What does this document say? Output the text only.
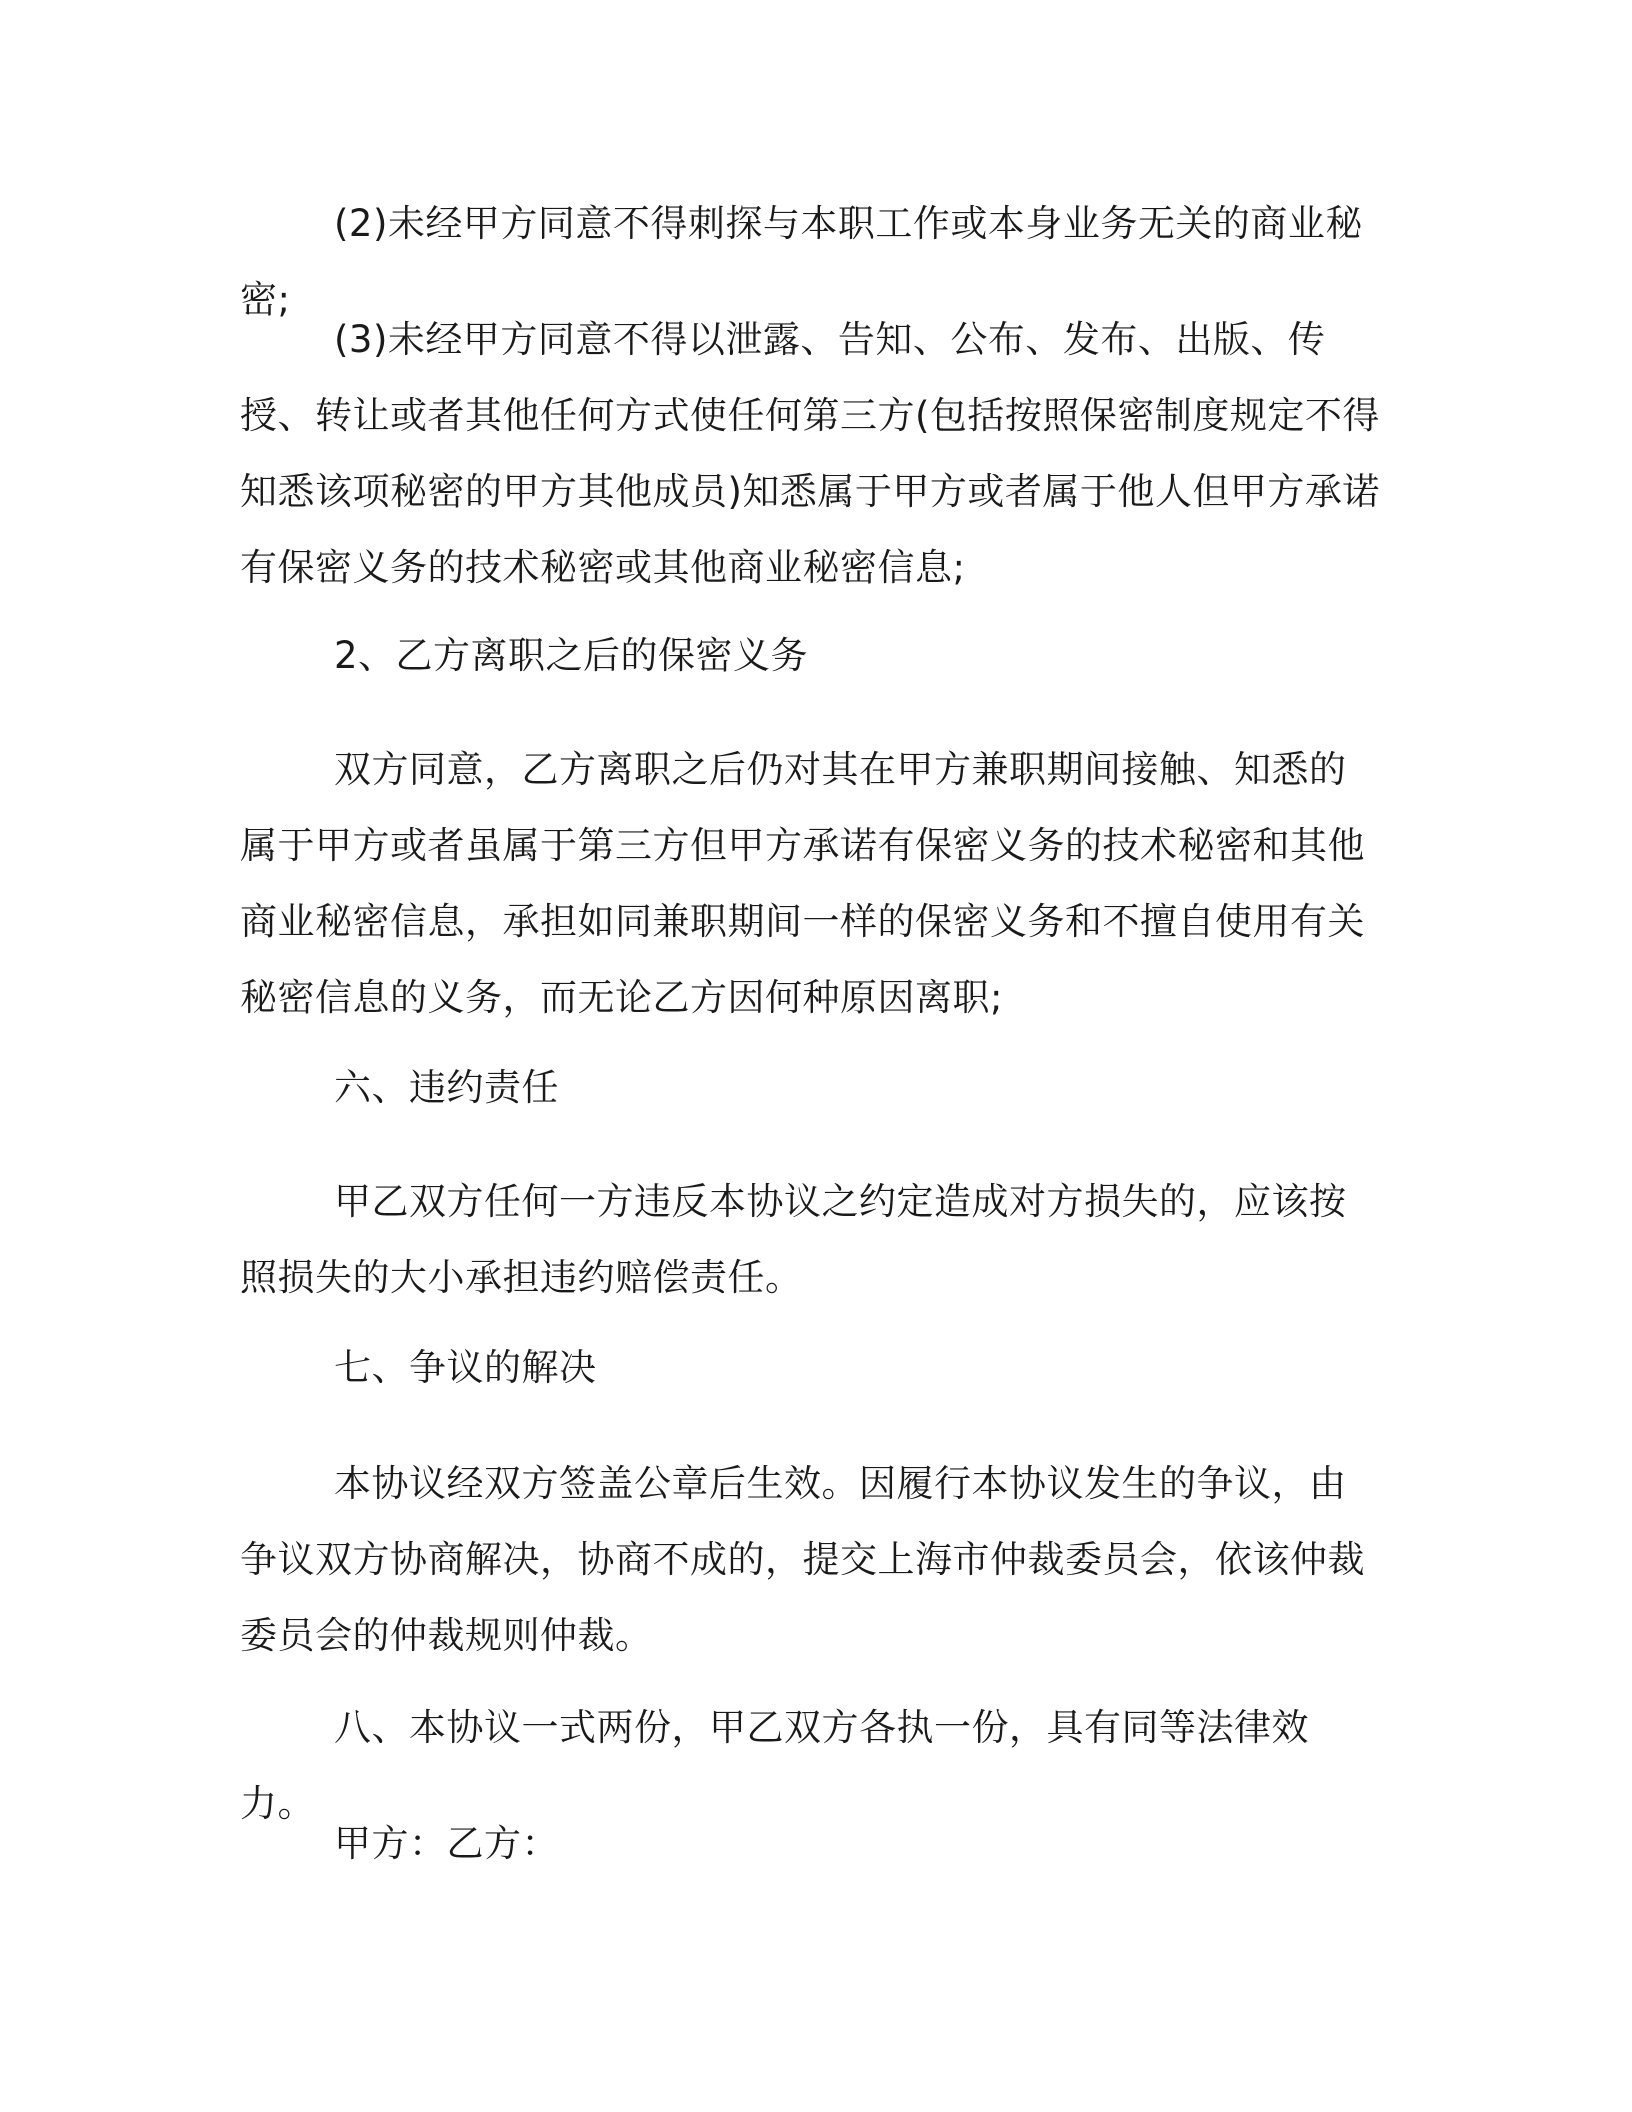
(2)未经甲方同意不得刺探与本职工作或本身业务无关的商业秘密;

(3)未经甲方同意不得以泄露、告知、公布、发布、出版、传授、转让或者其他任何方式使任何第三方(包括按照保密制度规定不得知悉该项秘密的甲方其他成员)知悉属于甲方或者属于他人但甲方承诺有保密义务的技术秘密或其他商业秘密信息;

2、乙方离职之后的保密义务

双方同意，乙方离职之后仍对其在甲方兼职期间接触、知悉的属于甲方或者虽属于第三方但甲方承诺有保密义务的技术秘密和其他商业秘密信息，承担如同兼职期间一样的保密义务和不擅自使用有关秘密信息的义务，而无论乙方因何种原因离职;

六、违约责任

甲乙双方任何一方违反本协议之约定造成对方损失的，应该按照损失的大小承担违约赔偿责任。

七、争议的解决

本协议经双方签盖公章后生效。因履行本协议发生的争议，由争议双方协商解决，协商不成的，提交上海市仲裁委员会，依该仲裁委员会的仲裁规则仲裁。

八、本协议一式两份，甲乙双方各执一份，具有同等法律效力。

甲方：乙方：
